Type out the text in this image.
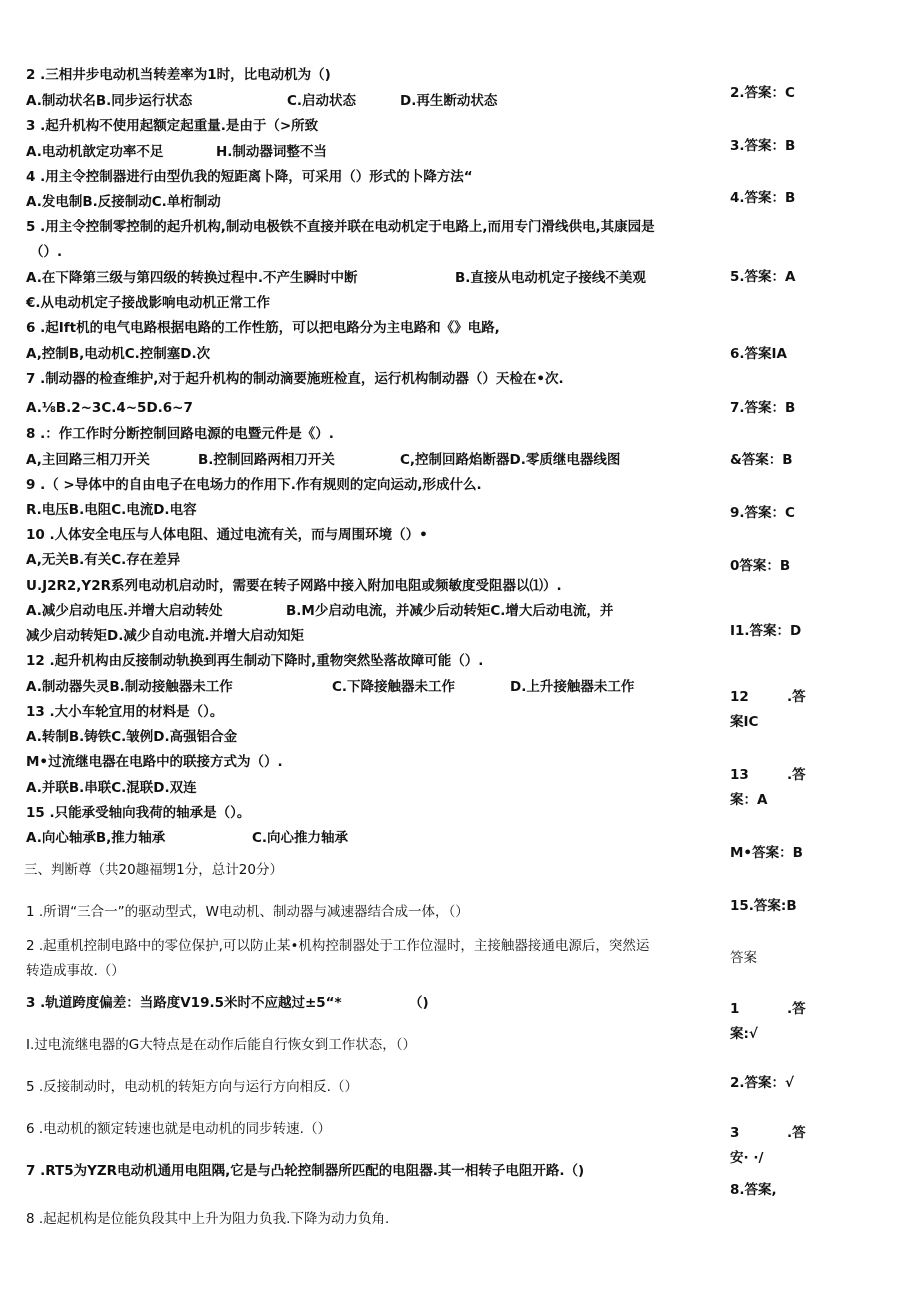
2 .三相井步电动机当转差率为1时，比电动机为（)
A.制动状名B.同步运行状态	C.启动状态	D.再生断动状态
3 .起升机构不使用起额定起重量.是由于（>所致
A.电动机歆定功率不足	H.制动器词整不当
4 .用主令控制器进行由型仇我的短距离卜降，可采用（）形式的卜降方法“
A.发电制B.反接制动C.单桁制动
5 .用主令控制零控制的起升机构,制动电极铁不直接并联在电动机定于电路上,而用专门滑线供电,其康园是
（）.
A.在下降第三级与第四级的转换过程中.不产生瞬时中断	B.直接从电动机定子接线不美观
€.从电动机定子接战影响电动机正常工作
6 .起Ift机的电气电路根据电路的工作性筋，可以把电路分为主电路和《》电路,
A,控制B,电动机C.控制塞D.次
7 .制动器的检查维护,对于起升机构的制动滴要施班检直，运行机构制动器（）天检在•次.
A.⅛B.2~3C.4~5D.6~7
8 .：作工作时分断控制回路电源的电暨元件是《）.
A,主回路三相刀开关	B.控制回路两相刀开关	C,控制回路焰断器D.零质继电器线图
9 .（ >导体中的自由电子在电场力的作用下.作有规则的定向运动,形成什么.
R.电压B.电阻C.电流D.电容
10 .人体安全电压与人体电阻、通过电流有关，而与周围环境（）•
A,无关B.有关C.存在差异
U.J2R2,Y2R系列电动机启动时，需要在转子网路中接入附加电阻或频敏度受阻器以⑴）.
A.减少启动电压.并增大启动转处	B.M少启动电流，并减少后动转矩C.增大后动电流，并
减少启动转矩D.减少自动电流.并增大启动知矩
12 .起升机构由反接制动轨换到再生制动下降时,重物突然坠落故障可能（）.
A.制动器失灵B.制动接触器未工作	C.下降接触器未工作	D.上升接触器未工作
13 .大小车轮宜用的材料是（）。
A.转制B.铸铁C.皱例D.高强铝合金
M•过流继电器在电路中的联接方式为（）.
A.并联B.串联C.混联D.双连
15 .只能承受轴向我荷的轴承是（）。
A.向心轴承B,推力轴承	C.向心推力轴承
三、判断尊（共20趣福甥1分，总计20分）
1 .所谓“三合一”的驱动型式，W电动机、制动器与减速器结合成一体，（）
2 .起重机控制电路中的零位保护,可以防止某•机构控制器处于工作位湿时，主接触器接通电源后，突然运
转造成事故.（）
3 .轨道跨度偏差：当路度V19.5米时不应越过±5“*	（)
I.过电流继电器的G大特点是在动作后能自行恢女到工作状态，（）
5 .反接制动时，电动机的转矩方向与运行方向相反.（）
6 .电动机的额定转速也就是电动机的同步转速.（）
7 .RT5为YZR电动机通用电阻隅,它是与凸轮控制器所匹配的电阻器.其一相转子电阻开路.（)
8 .起起机构是位能负段其中上升为阻力负我.下降为动力负角.
2.答案：C
3.答案：B
4.答案：B
5.答案：A
6.答案IA
7.答案：B
&答案：B
9.答案：C
0答案：B
I1.答案：D
12	.答
案IC
13	.答
案：A
M•答案：B
15.答案:B
答案
1	.答
案:√
2.答案：√
3	.答
安· ·/
8.答案,
